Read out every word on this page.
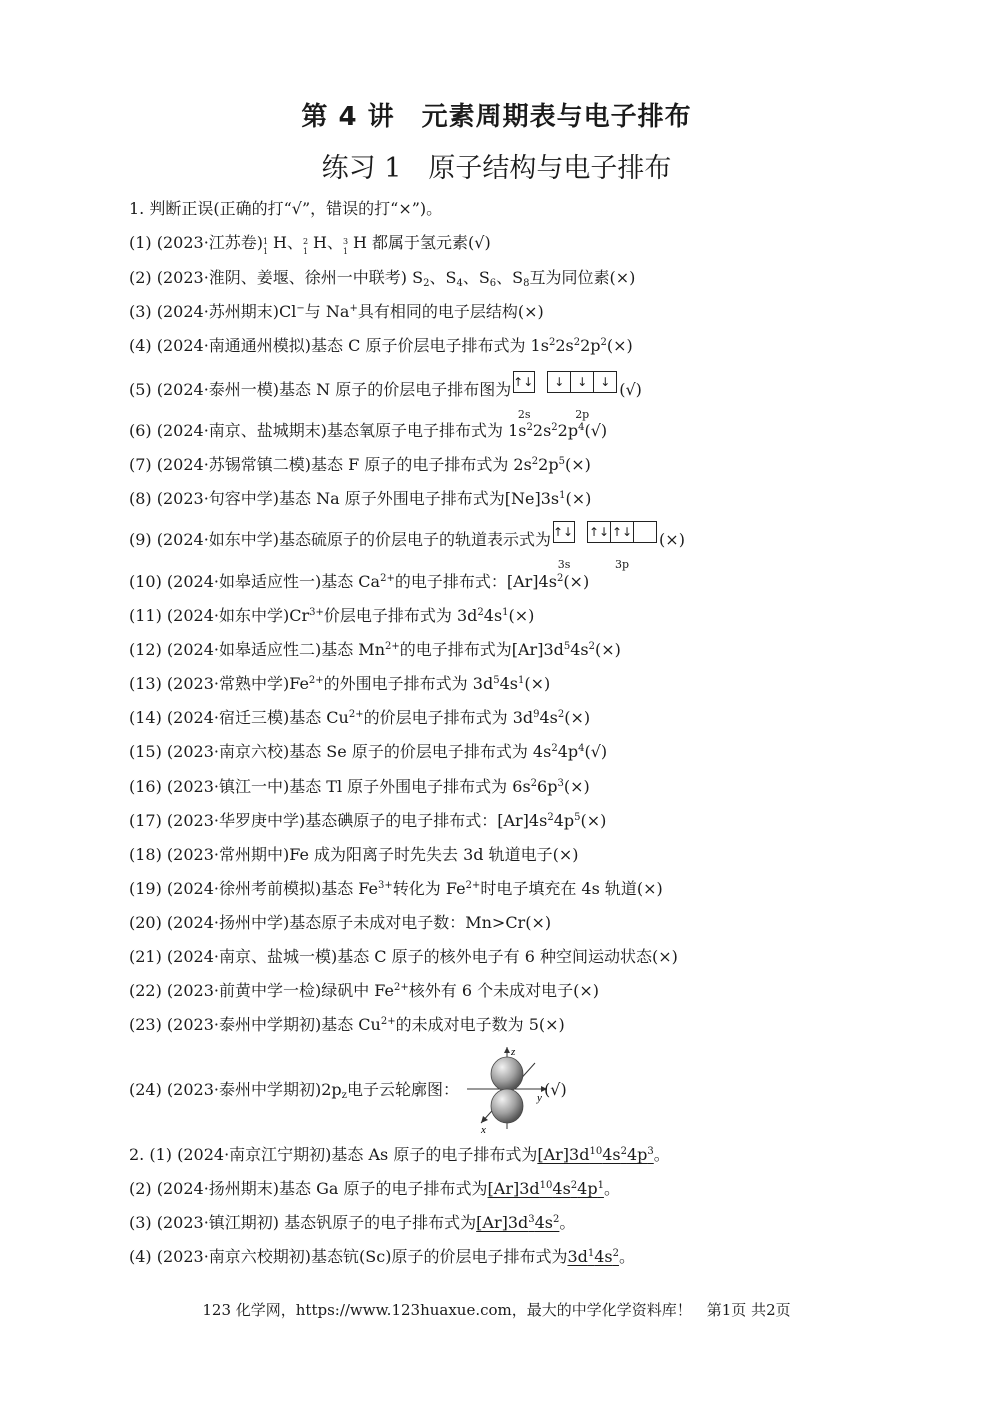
第 4 讲　元素周期表与电子排布
练习 1　原子结构与电子排布
1. 判断正误(正确的打“√”，错误的打“×”)。
(1) (2023·江苏卷) 1
1 H、 2
1 H、 3
1 H 都属于氢元素(√)
(2) (2023·淮阴、姜堰、徐州一中联考) $S_2$、$S_4$、$S_6$、$S_8$互为同位素(×)
(3) (2024·苏州期末)Cl−与 Na+具有相同的电子层结构(×)
(4) (2024·南通通州模拟)基态 C 原子价层电子排布式为 $1s^22s^22p^2(\times)$
(5) (2024·泰州一模)基态 N 原子的价层电子排布图为 ↑↓
2s
↓	↓	↓
2p
(√)
(6) (2024·南京、盐城期末)基态氧原子电子排布式为 $1s^22s^22p^4(√)$
(7) (2024·苏锡常镇二模)基态 F 原子的电子排布式为 $2s^22p^5(\times)$
(8) (2023·句容中学)基态 Na 原子外围电子排布式为$[Ne]3s^1(\times)$
(9) (2024·如东中学)基态硫原子的价层电子的轨道表示式为 ↑↓
3s
↑↓ ↑↓
3p
(×)
(10) (2024·如皋适应性一)基态 $Ca^{2+}$的电子排布式：$[Ar]4s^2(\times)$
(11) (2024·如东中学)$Cr^{3+}$价层电子排布式为 $3d^24s^1(\times)$
(12) (2024·如皋适应性二)基态 $Mn^{2+}$的电子排布式为$[Ar]3d^54s^2(\times)$
(13) (2023·常熟中学)$Fe^{2+}$的外围电子排布式为 $3d^54s^1(\times)$
(14) (2024·宿迁三模)基态 $Cu^{2+}$的价层电子排布式为 $3d^94s^2(\times)$
(15) (2023·南京六校)基态 Se 原子的价层电子排布式为 $4s^24p^4(√)$
(16) (2023·镇江一中)基态 Tl 原子外围电子排布式为 $6s^26p^3(\times)$
(17) (2023·华罗庚中学)基态碘原子的电子排布式：$[Ar]4s^24p^5(\times)$
(18) (2023·常州期中)Fe 成为阳离子时先失去 3d 轨道电子(×)
(19) (2024·徐州考前模拟)基态 $Fe^{3+}$转化为 $Fe^{2+}$时电子填充在 4s 轨道(×)
(20) (2024·扬州中学)基态原子未成对电子数：Mn>Cr(×)
(21) (2024·南京、盐城一模)基态 C 原子的核外电子有 6 种空间运动状态(×)
(22) (2023·前黄中学一检)绿矾中 $Fe^{2+}$核外有 6 个未成对电子(×)
(23) (2023·泰州中学期初)基态 $Cu^{2+}$的未成对电子数为 5(×)
(24) (2023·泰州中学期初)$2p_z$电子云轮廓图：
z
y
x
(√)
2. (1) (2024·南京江宁期初)基态 As 原子的电子排布式为$[Ar]3d^{10}4s^24p^3$。
(2) (2024·扬州期末)基态 Ga 原子的电子排布式为$[Ar]3d^{10}4s^24p^1$。
(3) (2023·镇江期初) 基态钒原子的电子排布式为$[Ar]3d^34s^2$。
(4) (2023·南京六校期初)基态钪(Sc)原子的价层电子排布式为$3d^14s^2$。
123 化学网，https://www.123huaxue.com，最大的中学化学资料库！　第1页 共2页
